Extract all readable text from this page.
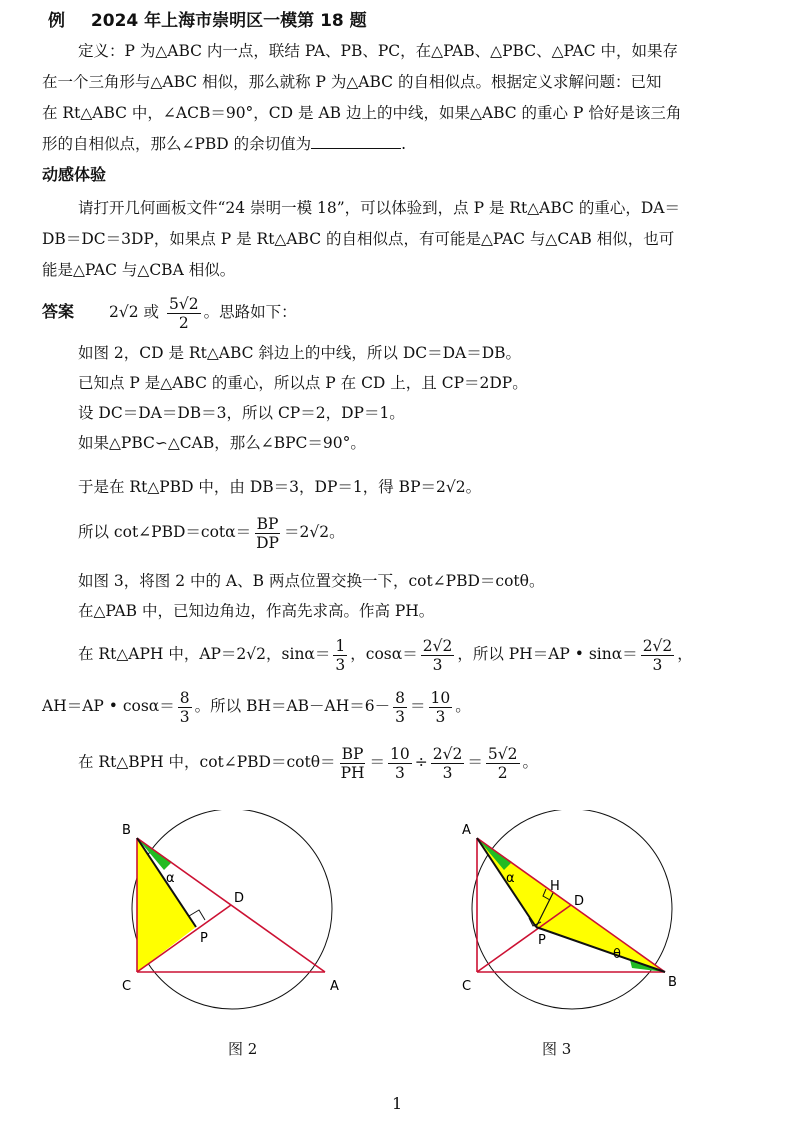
例 2024 年上海市崇明区一模第 18 题
定义：P 为△ABC 内一点，联结 PA、PB、PC，在△PAB、△PBC、△PAC 中，如果存
在一个三角形与△ABC 相似，那么就称 P 为△ABC 的自相似点。根据定义求解问题：已知
在 Rt△ABC 中，∠ACB＝90°，CD 是 AB 边上的中线，如果△ABC 的重心 P 恰好是该三角
形的自相似点，那么∠PBD 的余切值为	.
动感体验
请打开几何画板文件“24 崇明一模 18”，可以体验到，点 P 是 Rt△ABC 的重心，DA＝
DB＝DC＝3DP，如果点 P 是 Rt△ABC 的自相似点，有可能是△PAC 与△CAB 相似，也可
能是△PAC 与△CBA 相似。
答案 2√2 或 $\frac{5√2}{2}$ 。思路如下：
如图 2，CD 是 Rt△ABC 斜边上的中线，所以 DC＝DA＝DB。
已知点 P 是△ABC 的重心，所以点 P 在 CD 上，且 CP＝2DP。
设 DC＝DA＝DB＝3，所以 CP＝2，DP＝1。
如果△PBC∽△CAB，那么∠BPC＝90°。
于是在 Rt△PBD 中，由 DB＝3，DP＝1，得 BP＝2√2。
所以 cot∠PBD＝cotα＝ $\frac{BP}{DP} =2√2$。
如图 3，将图 2 中的 A、B 两点位置交换一下，cot∠PBD＝cotθ。
在△PAB 中，已知边角边，作高先求高。作高 PH。
在 Rt△APH 中，AP＝2√2，$\sin\alpha= \frac{1}{3}$ ，$\cos\alpha= \frac{2√2}{3}$ ，所以 PH＝AP • $\sin\alpha= \frac{2√2}{3}$ ，
AH＝AP • $\cos\alpha= \frac{8}{3}$ 。所以 $BH=AB-AH=6- \frac{8}{3} = \frac{10}{3}$ 。
在 Rt△BPH 中，cot∠PBD＝cotθ＝ $\frac{BP}{PH} = \frac{10}{3} \div \frac{2√2}{3} = \frac{5√2}{2}$ 。
B
C	A
D
P
α
图 2
A
C	B
D
H
P
α
θ
图 3
1
